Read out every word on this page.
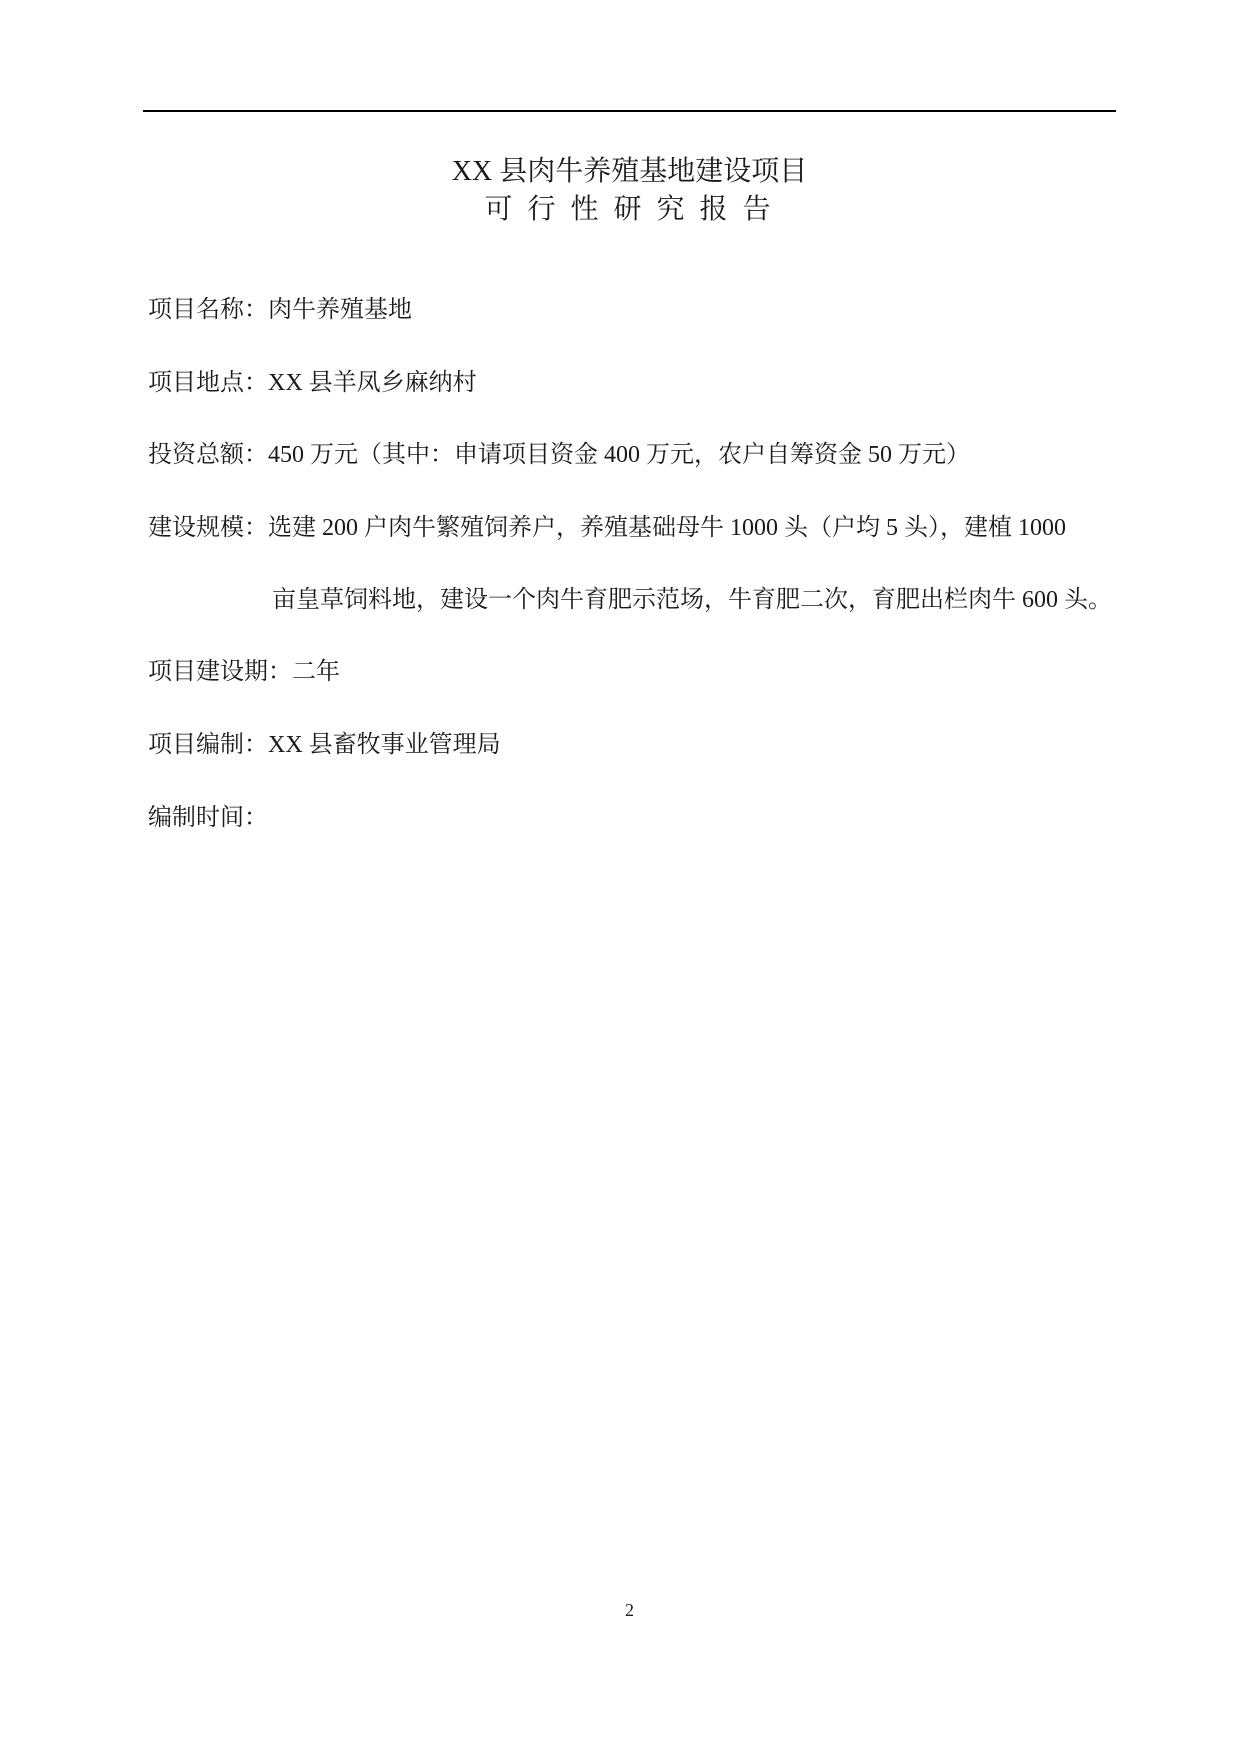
XX 县肉牛养殖基地建设项目
可 行 性 研 究 报 告
项目名称：肉牛养殖基地
项目地点：XX 县羊凤乡麻纳村
投资总额：450 万元（其中：申请项目资金 400 万元，农户自筹资金 50 万元）
建设规模：选建 200 户肉牛繁殖饲养户，养殖基础母牛 1000 头（户均 5 头），建植 1000
亩皇草饲料地，建设一个肉牛育肥示范场，牛育肥二次，育肥出栏肉牛 600 头。
项目建设期：二年
项目编制：XX 县畜牧事业管理局
编制时间：
2
